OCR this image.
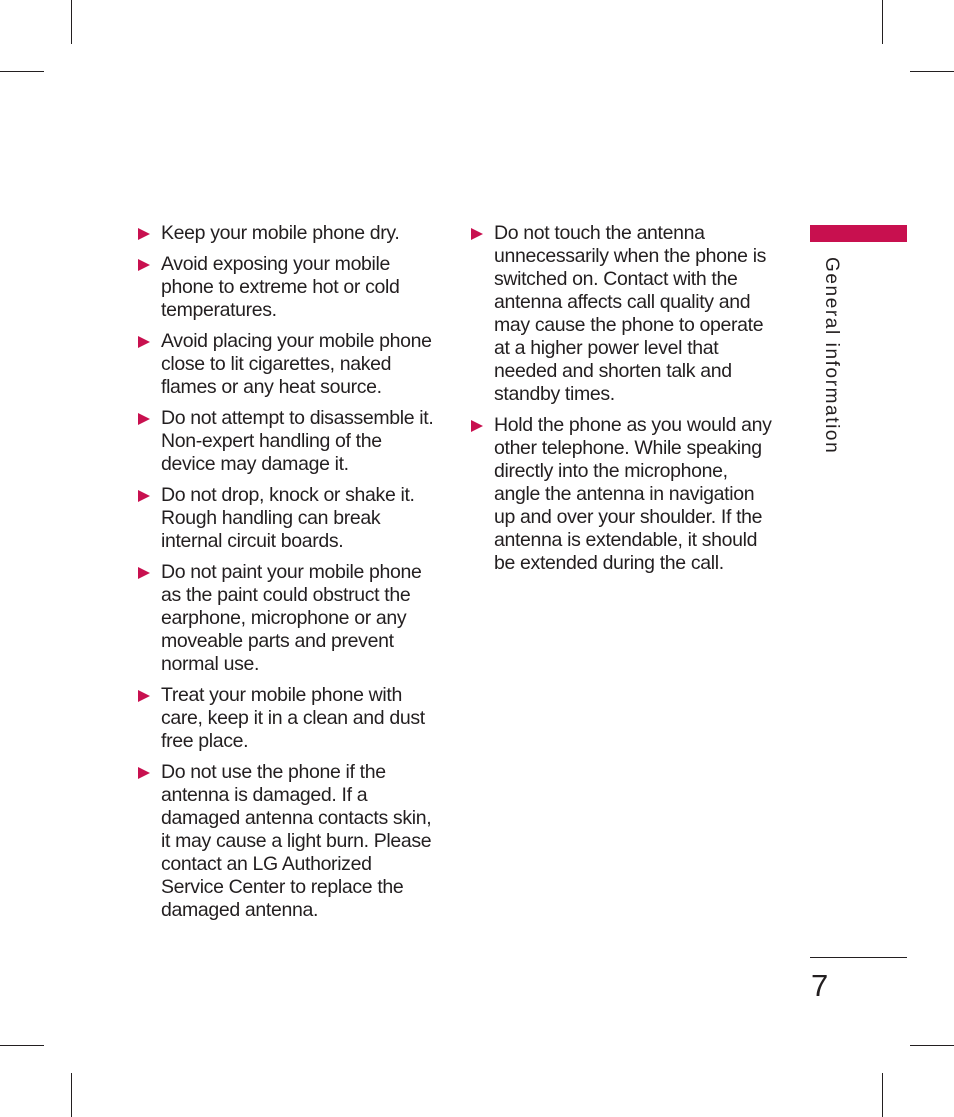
Keep your mobile phone dry.
Avoid exposing your mobile phone to extreme hot or cold temperatures.
Avoid placing your mobile phone close to lit cigarettes, naked flames or any heat source.
Do not attempt to disassemble it. Non-expert handling of the device may damage it.
Do not drop, knock or shake it. Rough handling can break internal circuit boards.
Do not paint your mobile phone as the paint could obstruct the earphone, microphone or any moveable parts and prevent normal use.
Treat your mobile phone with care, keep it in a clean and dust free place.
Do not use the phone if the antenna is damaged. If a damaged antenna contacts skin, it may cause a light burn. Please contact an LG Authorized Service Center to replace the damaged antenna.
Do not touch the antenna unnecessarily when the phone is switched on. Contact with the antenna affects call quality and may cause the phone to operate at a higher power level that needed and shorten talk and standby times.
Hold the phone as you would any other telephone. While speaking directly into the microphone, angle the antenna in navigation up and over your shoulder. If the antenna is extendable, it should be extended during the call.
General information
7
